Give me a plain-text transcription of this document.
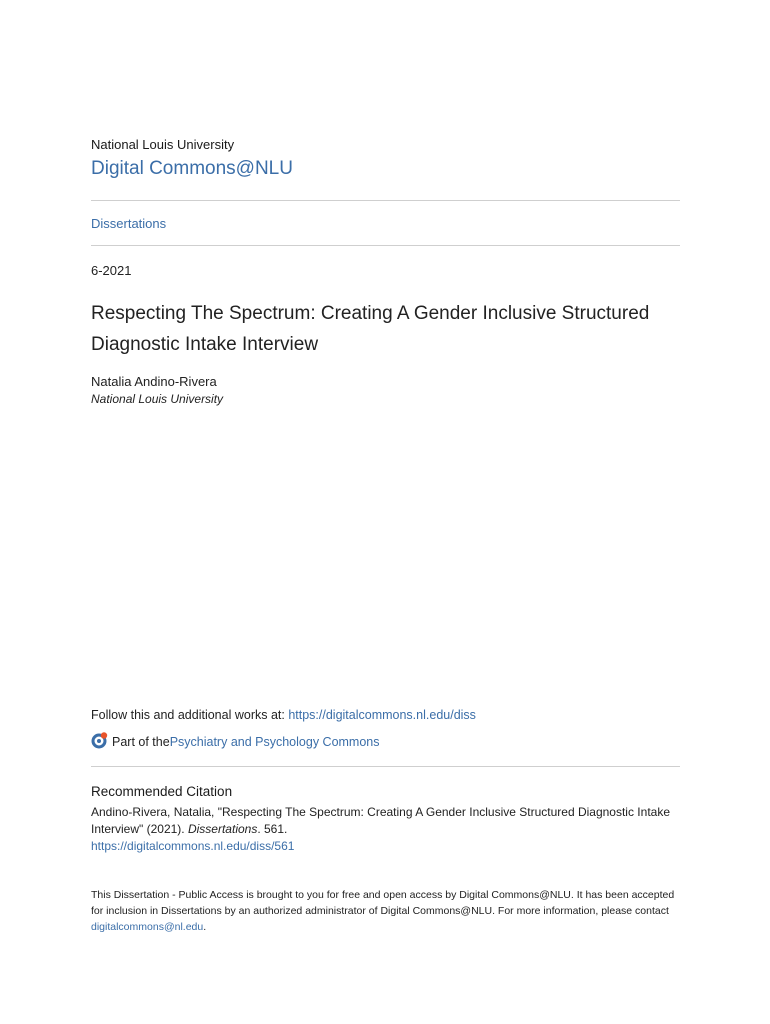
National Louis University
Digital Commons@NLU
Dissertations
6-2021
Respecting The Spectrum: Creating A Gender Inclusive Structured Diagnostic Intake Interview
Natalia Andino-Rivera
National Louis University
Follow this and additional works at: https://digitalcommons.nl.edu/diss
Part of the Psychiatry and Psychology Commons
Recommended Citation
Andino-Rivera, Natalia, "Respecting The Spectrum: Creating A Gender Inclusive Structured Diagnostic Intake Interview" (2021). Dissertations. 561.
https://digitalcommons.nl.edu/diss/561
This Dissertation - Public Access is brought to you for free and open access by Digital Commons@NLU. It has been accepted for inclusion in Dissertations by an authorized administrator of Digital Commons@NLU. For more information, please contact digitalcommons@nl.edu.
